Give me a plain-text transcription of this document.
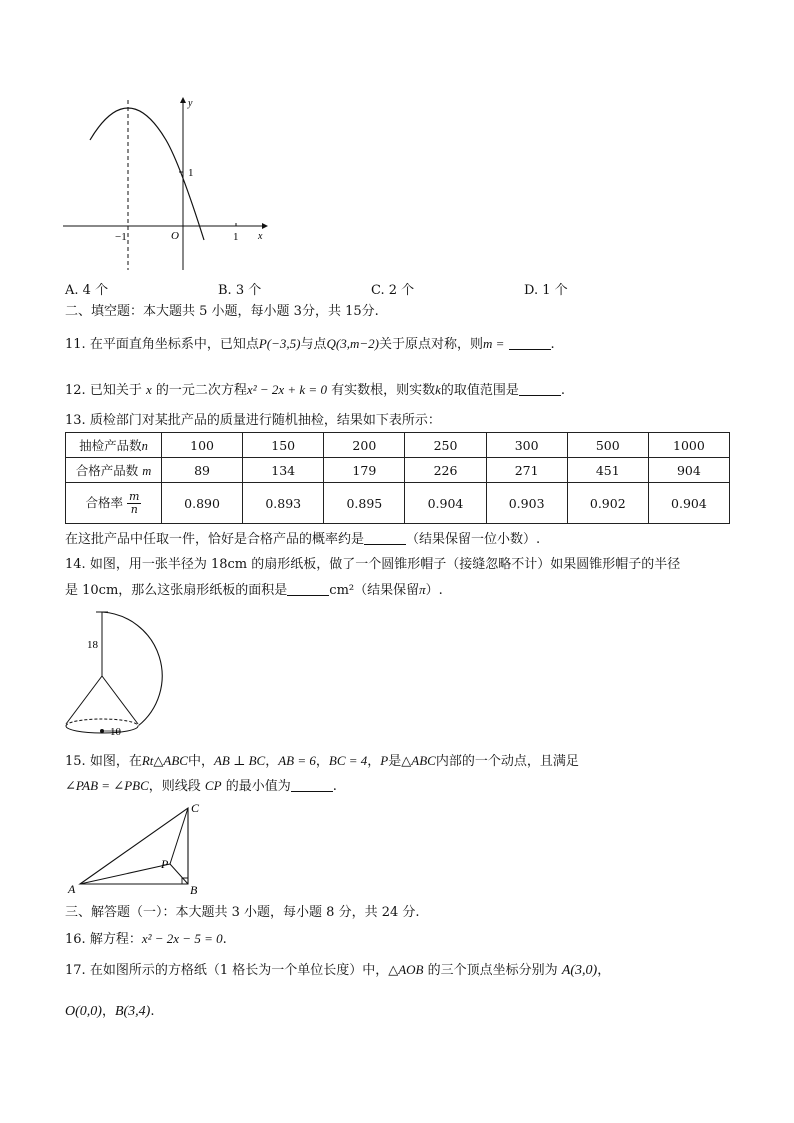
y
x
O
1
−1	1
A. 4 个	B. 3 个	C. 2 个	D. 1 个
二、填空题：本大题共 5 小题，每小题 3分，共 15分.
11. 在平面直角坐标系中，已知点P(−3,5)与点Q(3,m−2)关于原点对称，则m =	.
12. 已知关于 x 的一元二次方程x² − 2x + k = 0 有实数根，则实数k的取值范围是	.
13. 质检部门对某批产品的质量进行随机抽检，结果如下表所示：
抽检产品数n	100	150	200	250	300	500	1000
合格产品数 m	89	134	179	226	271	451	904
合格率 $\frac{m}{n}$	0.890	0.893	0.895	0.904	0.903	0.902	0.904
在这批产品中任取一件，恰好是合格产品的概率约是	（结果保留一位小数）.
14. 如图，用一张半径为 18cm 的扇形纸板，做了一个圆锥形帽子（接缝忽略不计）如果圆锥形帽子的半径
是 10cm，那么这张扇形纸板的面积是	cm²（结果保留π）.
18
10
15. 如图，在Rt△ABC中，AB ⊥ BC，AB = 6，BC = 4，P是△ABC内部的一个动点，且满足
∠PAB = ∠PBC，则线段 CP 的最小值为	.
A	B
C
P
三、解答题（一）：本大题共 3 小题，每小题 8 分，共 24 分.
16. 解方程：x² − 2x − 5 = 0.
17. 在如图所示的方格纸（1 格长为一个单位长度）中，△AOB 的三个顶点坐标分别为 A(3,0)，
O(0,0)，B(3,4).
